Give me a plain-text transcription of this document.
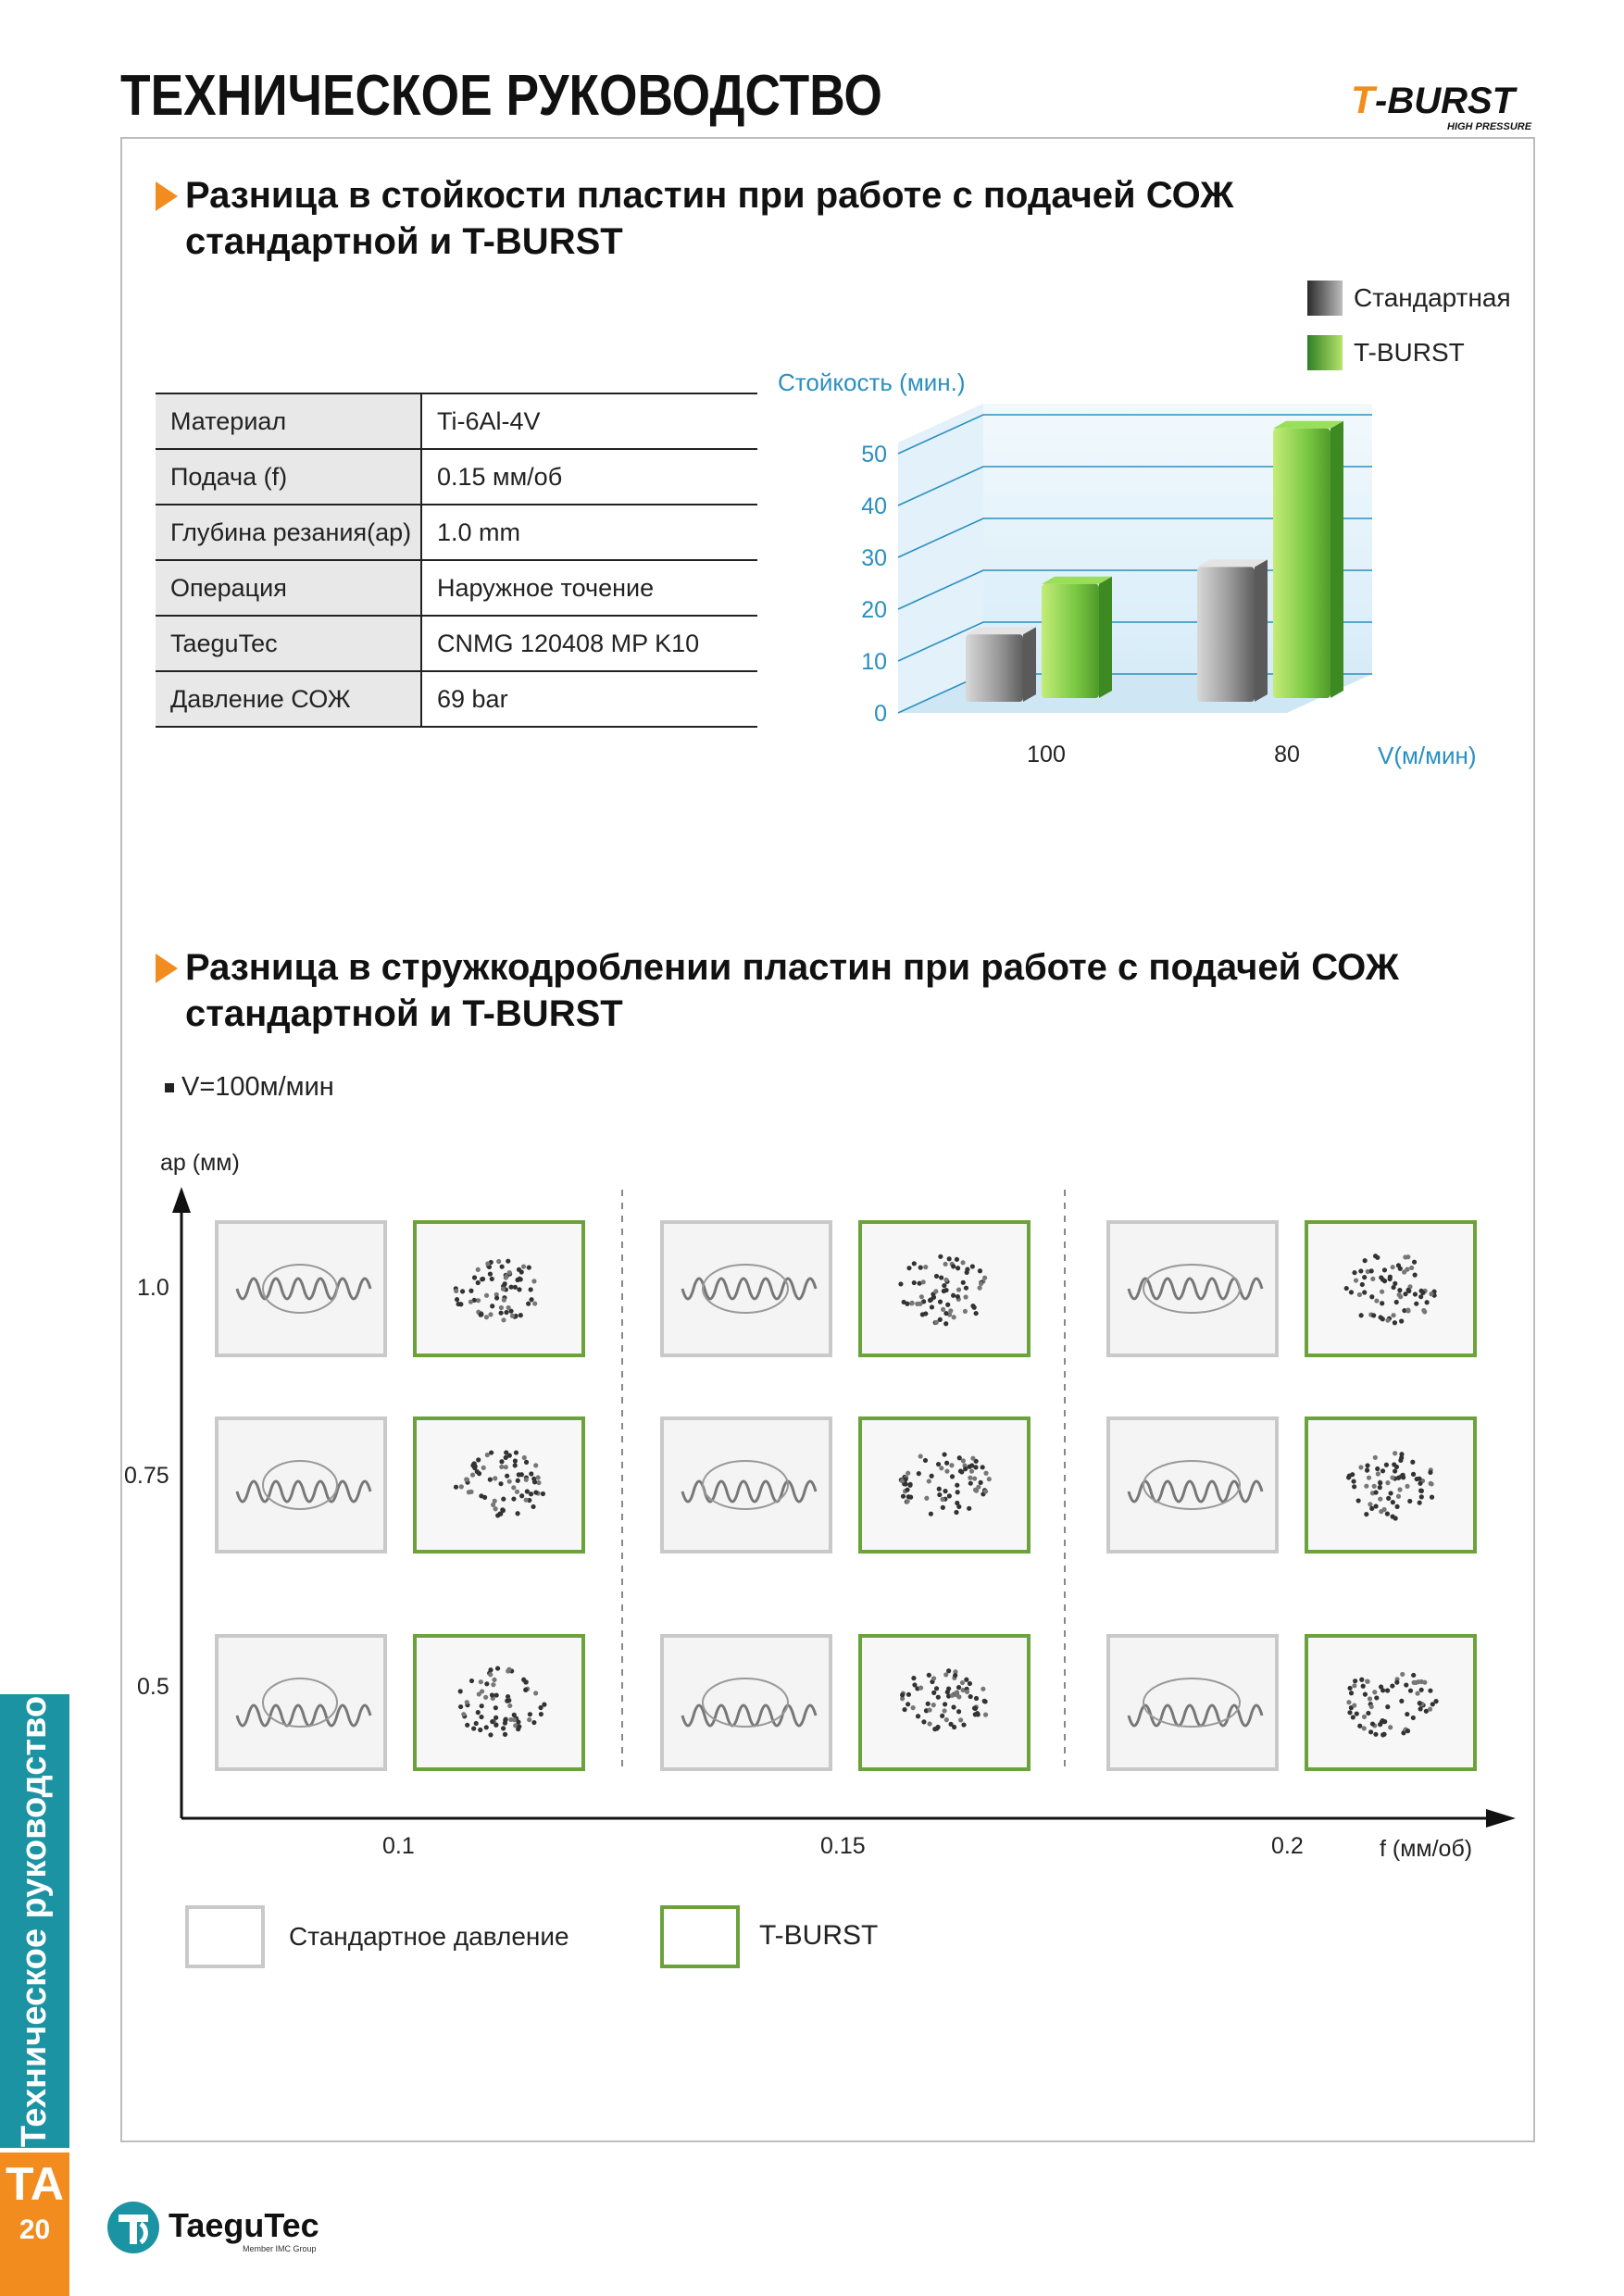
ТЕХНИЧЕСКОЕ РУКОВОДСТВО	T -BURST
HIGH PRESSURE
Разница в стойкости пластин при работе с подачей СОЖ
стандартной и T-BURST
Материал	Ti-6Al-4V
Подача (f)	0.15 мм/об
Глубина резания(ap)	1.0 mm
Операция	Наружное точение
TaeguTec	CNMG 120408 MP K10
Давление СОЖ	69 bar
Стандартная
T-BURST
0
10
20
30
40
50
Стойкость (мин.)
100	80	V(м/мин)
Разница в стружкодроблении пластин при работе с подачей СОЖ
стандартной и T-BURST
V=100м/мин
ap (мм)
1.0
0.75
0.5
0.1	0.15	0.2	f (мм/об)
Стандартное давление	T-BURST
Техническое руководство
TA
20	TaeguTec
Member IMC Group
